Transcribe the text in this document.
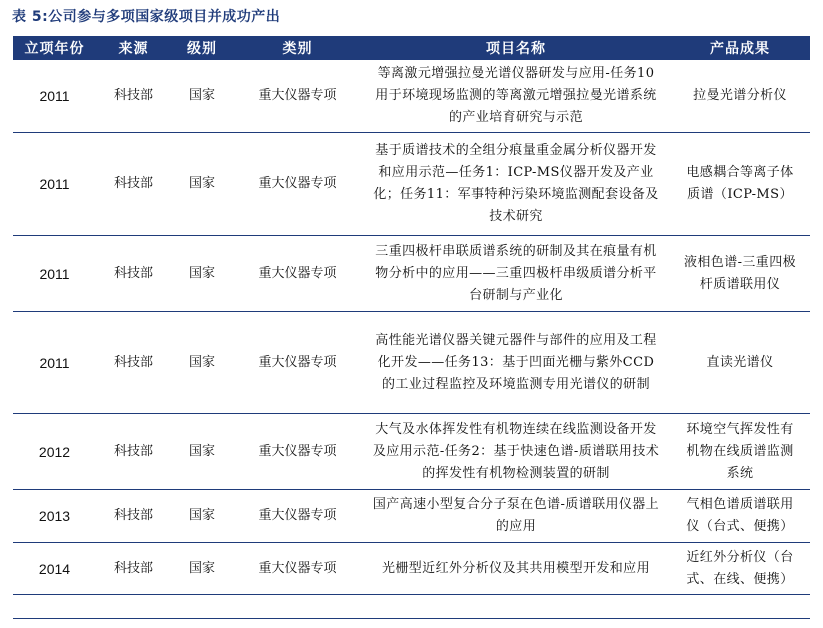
表 5:公司参与多项国家级项目并成功产出
立项年份	来源	级别	类别	项目名称	产品成果
2011	科技部	国家	重大仪器专项	等离激元增强拉曼光谱仪器研发与应用-任务10用于环境现场监测的等离激元增强拉曼光谱系统的产业培育研究与示范	拉曼光谱分析仪
2011	科技部	国家	重大仪器专项	基于质谱技术的全组分痕量重金属分析仪器开发和应用示范—任务1：ICP-MS仪器开发及产业化；任务11：军事特种污染环境监测配套设备及技术研究	电感耦合等离子体质谱（ICP-MS）
2011	科技部	国家	重大仪器专项	三重四极杆串联质谱系统的研制及其在痕量有机物分析中的应用——三重四极杆串级质谱分析平台研制与产业化	液相色谱-三重四极杆质谱联用仪
2011	科技部	国家	重大仪器专项	高性能光谱仪器关键元器件与部件的应用及工程化开发——任务13：基于凹面光栅与紫外CCD的工业过程监控及环境监测专用光谱仪的研制	直读光谱仪
2012	科技部	国家	重大仪器专项	大气及水体挥发性有机物连续在线监测设备开发及应用示范-任务2：基于快速色谱-质谱联用技术的挥发性有机物检测装置的研制	环境空气挥发性有机物在线质谱监测系统
2013	科技部	国家	重大仪器专项	国产高速小型复合分子泵在色谱-质谱联用仪器上的应用	气相色谱质谱联用仪（台式、便携）
2014	科技部	国家	重大仪器专项	光栅型近红外分析仪及其共用模型开发和应用	近红外分析仪（台式、在线、便携）
